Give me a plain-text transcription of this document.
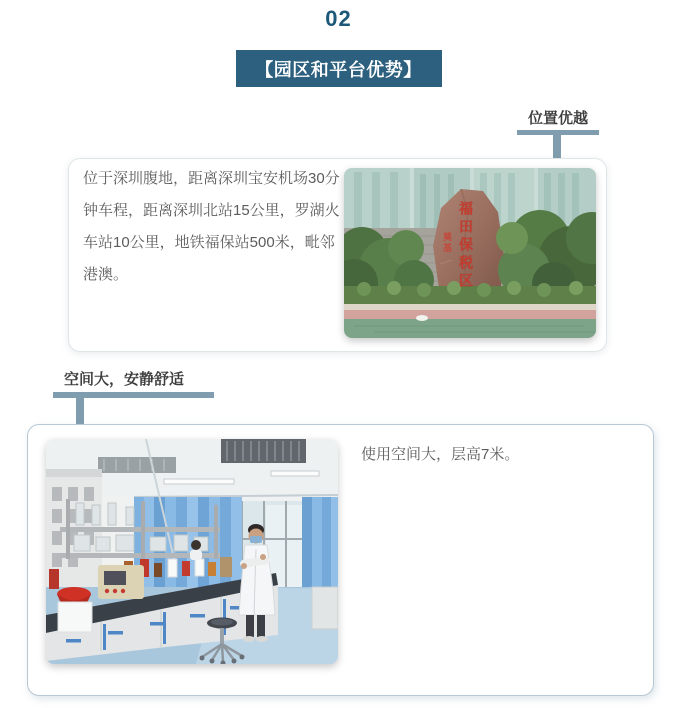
02
【园区和平台优势】
位置优越

位于深圳腹地，距离深圳宝安机场30分钟车程，距离深圳北站15公里，罗湖火车站10公里，地铁福保站500米，毗邻港澳。	福田保税区
奠基
空间大，安静舒适

使用空间大，层高7米。
